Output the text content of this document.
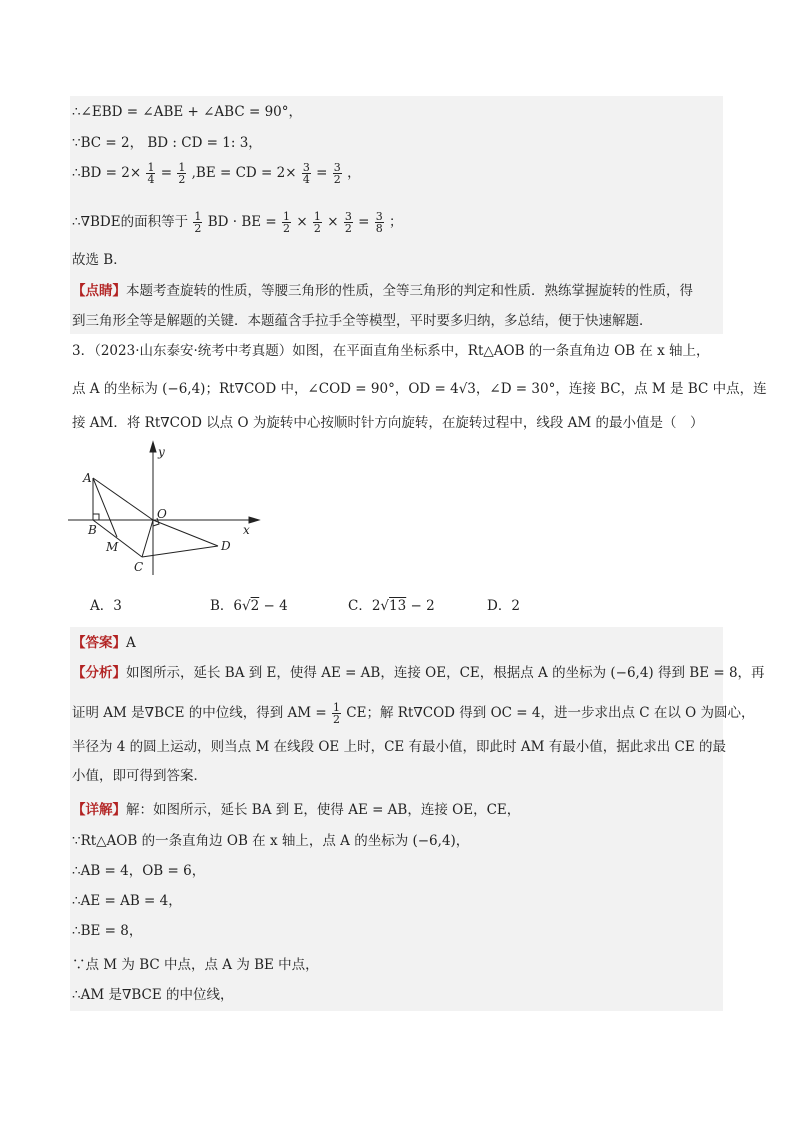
∴∠EBD = ∠ABE + ∠ABC = 90°，
∵BC = 2， BD : CD = 1: 3，
∴BD = $2\times \frac{1}{4} = \frac{1}{2} ,BE$ = CD = $2\times \frac{3}{4} = \frac{3}{2}$ ，
∴∇BDE的面积等于 $\frac{1}{2}$ BD · BE = $\frac{1}{2} \times \frac{1}{2} \times \frac{3}{2} = \frac{3}{8}$ ；
故选 B．
【点睛】本题考查旋转的性质，等腰三角形的性质，全等三角形的判定和性质．熟练掌握旋转的性质，得
到三角形全等是解题的关键．本题蕴含手拉手全等模型，平时要多归纳，多总结，便于快速解题．
3．（2023·山东泰安·统考中考真题）如图，在平面直角坐标系中，Rt△AOB 的一条直角边 OB 在 x 轴上，
点 A 的坐标为 (−6,4)；Rt∇COD 中，∠COD = 90°，OD = 4√3，∠D = 30°，连接 BC，点 M 是 BC 中点，连
接 AM．将 Rt∇COD 以点 O 为旋转中心按顺时针方向旋转，在旋转过程中，线段 AM 的最小值是（　）
A
B
O
M
C
D
x
y
A．3	B．6√2 − 4	C．2√13 − 2	D．2
【答案】A
【分析】如图所示，延长 BA 到 E，使得 AE = AB，连接 OE，CE，根据点 A 的坐标为 (−6,4) 得到 BE = 8，再
证明 AM 是∇BCE 的中位线，得到 AM = $\frac{1}{2}$ CE；解 Rt∇COD 得到 OC = 4，进一步求出点 C 在以 O 为圆心，
半径为 4 的圆上运动，则当点 M 在线段 OE 上时，CE 有最小值，即此时 AM 有最小值，据此求出 CE 的最
小值，即可得到答案．
【详解】解：如图所示，延长 BA 到 E，使得 AE = AB，连接 OE，CE，
∵Rt△AOB 的一条直角边 OB 在 x 轴上，点 A 的坐标为 (−6,4)，
∴AB = 4，OB = 6，
∴AE = AB = 4，
∴BE = 8，
∵点 M 为 BC 中点，点 A 为 BE 中点，
∴AM 是∇BCE 的中位线，
